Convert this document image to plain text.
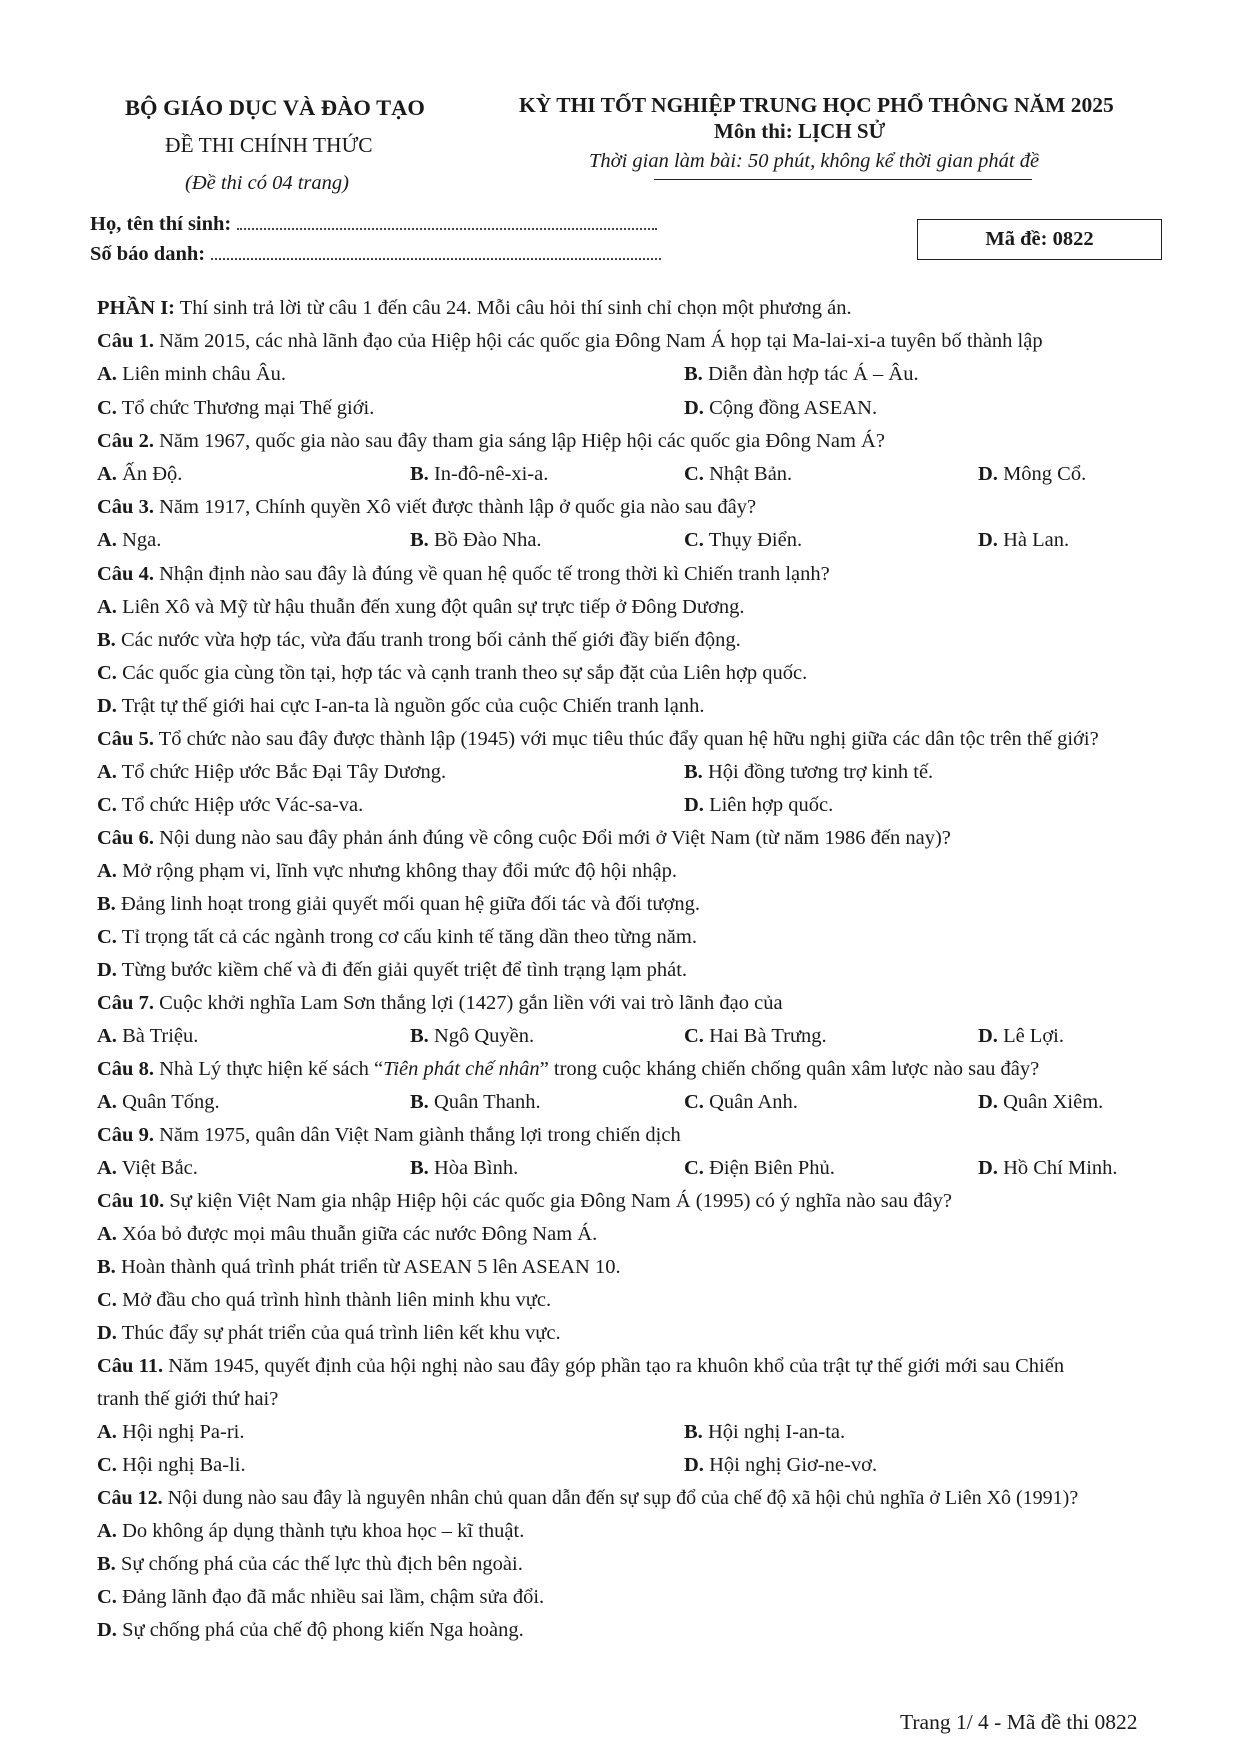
BỘ GIÁO DỤC VÀ ĐÀO TẠO
ĐỀ THI CHÍNH THỨC
(Đề thi có 04 trang)
KỲ THI TỐT NGHIỆP TRUNG HỌC PHỔ THÔNG NĂM 2025
Môn thi: LỊCH SỬ
Thời gian làm bài: 50 phút, không kể thời gian phát đề
Họ, tên thí sinh:
Số báo danh:
Mã đề: 0822
PHẦN I: Thí sinh trả lời từ câu 1 đến câu 24. Mỗi câu hỏi thí sinh chỉ chọn một phương án.
Câu 1. Năm 2015, các nhà lãnh đạo của Hiệp hội các quốc gia Đông Nam Á họp tại Ma-lai-xi-a tuyên bố thành lập
A. Liên minh châu Âu.	B. Diễn đàn hợp tác Á – Âu.
C. Tổ chức Thương mại Thế giới.	D. Cộng đồng ASEAN.
Câu 2. Năm 1967, quốc gia nào sau đây tham gia sáng lập Hiệp hội các quốc gia Đông Nam Á?
A. Ấn Độ.	B. In-đô-nê-xi-a.	C. Nhật Bản.	D. Mông Cổ.
Câu 3. Năm 1917, Chính quyền Xô viết được thành lập ở quốc gia nào sau đây?
A. Nga.	B. Bồ Đào Nha.	C. Thụy Điển.	D. Hà Lan.
Câu 4. Nhận định nào sau đây là đúng về quan hệ quốc tế trong thời kì Chiến tranh lạnh?
A. Liên Xô và Mỹ từ hậu thuẫn đến xung đột quân sự trực tiếp ở Đông Dương.
B. Các nước vừa hợp tác, vừa đấu tranh trong bối cảnh thế giới đầy biến động.
C. Các quốc gia cùng tồn tại, hợp tác và cạnh tranh theo sự sắp đặt của Liên hợp quốc.
D. Trật tự thế giới hai cực I-an-ta là nguồn gốc của cuộc Chiến tranh lạnh.
Câu 5. Tổ chức nào sau đây được thành lập (1945) với mục tiêu thúc đẩy quan hệ hữu nghị giữa các dân tộc trên thế giới?
A. Tổ chức Hiệp ước Bắc Đại Tây Dương.	B. Hội đồng tương trợ kinh tế.
C. Tổ chức Hiệp ước Vác-sa-va.	D. Liên hợp quốc.
Câu 6. Nội dung nào sau đây phản ánh đúng về công cuộc Đổi mới ở Việt Nam (từ năm 1986 đến nay)?
A. Mở rộng phạm vi, lĩnh vực nhưng không thay đổi mức độ hội nhập.
B. Đảng linh hoạt trong giải quyết mối quan hệ giữa đối tác và đối tượng.
C. Tỉ trọng tất cả các ngành trong cơ cấu kinh tế tăng dần theo từng năm.
D. Từng bước kiềm chế và đi đến giải quyết triệt để tình trạng lạm phát.
Câu 7. Cuộc khởi nghĩa Lam Sơn thắng lợi (1427) gắn liền với vai trò lãnh đạo của
A. Bà Triệu.	B. Ngô Quyền.	C. Hai Bà Trưng.	D. Lê Lợi.
Câu 8. Nhà Lý thực hiện kế sách “Tiên phát chế nhân” trong cuộc kháng chiến chống quân xâm lược nào sau đây?
A. Quân Tống.	B. Quân Thanh.	C. Quân Anh.	D. Quân Xiêm.
Câu 9. Năm 1975, quân dân Việt Nam giành thắng lợi trong chiến dịch
A. Việt Bắc.	B. Hòa Bình.	C. Điện Biên Phủ.	D. Hồ Chí Minh.
Câu 10. Sự kiện Việt Nam gia nhập Hiệp hội các quốc gia Đông Nam Á (1995) có ý nghĩa nào sau đây?
A. Xóa bỏ được mọi mâu thuẫn giữa các nước Đông Nam Á.
B. Hoàn thành quá trình phát triển từ ASEAN 5 lên ASEAN 10.
C. Mở đầu cho quá trình hình thành liên minh khu vực.
D. Thúc đẩy sự phát triển của quá trình liên kết khu vực.
Câu 11. Năm 1945, quyết định của hội nghị nào sau đây góp phần tạo ra khuôn khổ của trật tự thế giới mới sau Chiến
tranh thế giới thứ hai?
A. Hội nghị Pa-ri.	B. Hội nghị I-an-ta.
C. Hội nghị Ba-li.	D. Hội nghị Giơ-ne-vơ.
Câu 12. Nội dung nào sau đây là nguyên nhân chủ quan dẫn đến sự sụp đổ của chế độ xã hội chủ nghĩa ở Liên Xô (1991)?
A. Do không áp dụng thành tựu khoa học – kĩ thuật.
B. Sự chống phá của các thế lực thù địch bên ngoài.
C. Đảng lãnh đạo đã mắc nhiều sai lầm, chậm sửa đổi.
D. Sự chống phá của chế độ phong kiến Nga hoàng.
Trang 1/ 4 - Mã đề thi 0822
